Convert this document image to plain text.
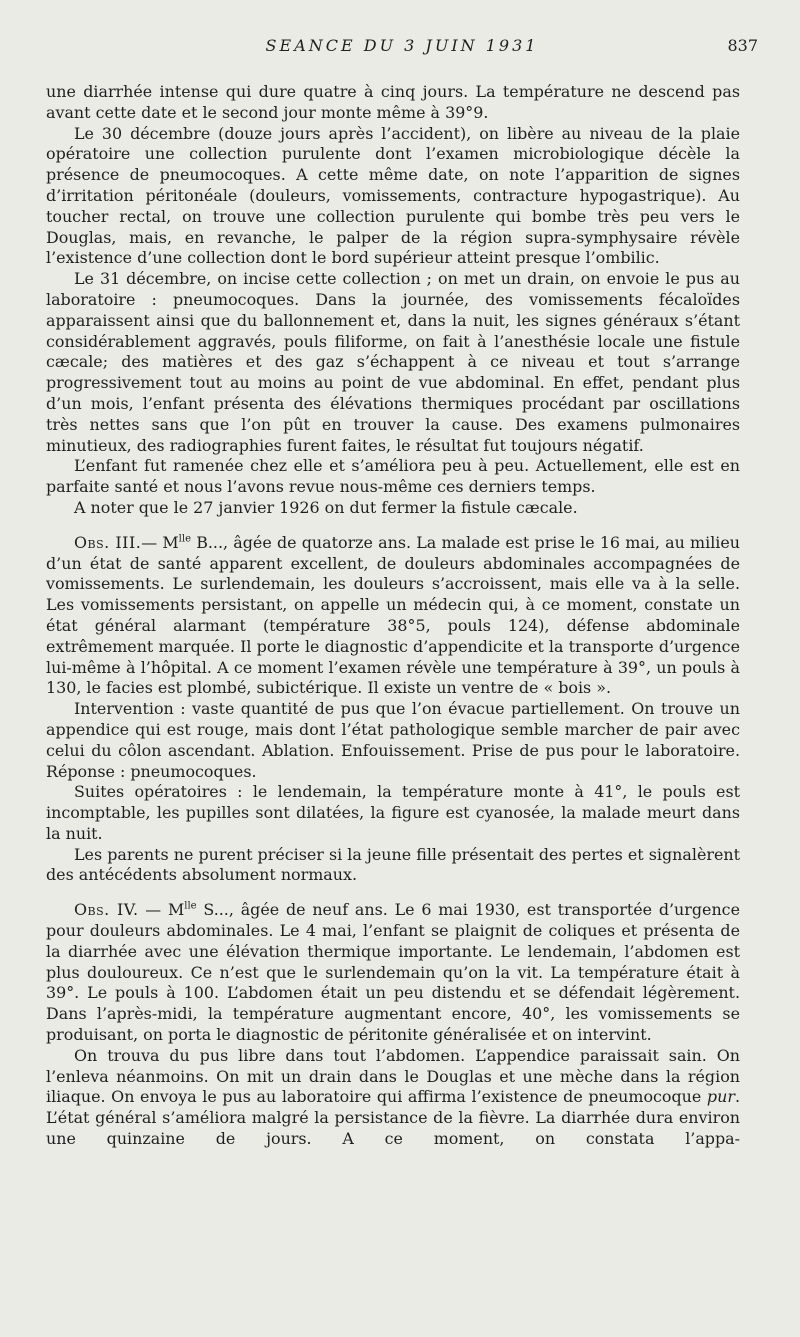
SEANCE DU 3 JUIN 1931	837

une diarrhée intense qui dure quatre à cinq jours. La température ne descend pas avant cette date et le second jour monte même à 39°9.

Le 30 décembre (douze jours après l’accident), on libère au niveau de la plaie opératoire une collection purulente dont l’examen microbiologique décèle la présence de pneumocoques. A cette même date, on note l’apparition de signes d’irritation péritonéale (douleurs, vomissements, contracture hypogastrique). Au toucher rectal, on trouve une collection purulente qui bombe très peu vers le Douglas, mais, en revanche, le palper de la région supra-symphysaire révèle l’existence d’une collection dont le bord supérieur atteint presque l’ombilic.

Le 31 décembre, on incise cette collection ; on met un drain, on envoie le pus au laboratoire : pneumocoques. Dans la journée, des vomissements fécaloïdes apparaissent ainsi que du ballonnement et, dans la nuit, les signes généraux s’étant considérablement aggravés, pouls filiforme, on fait à l’anesthésie locale une fistule cæcale; des matières et des gaz s’échappent à ce niveau et tout s’arrange progressivement tout au moins au point de vue abdominal. En effet, pendant plus d’un mois, l’enfant présenta des élévations thermiques procédant par oscillations très nettes sans que l’on pût en trouver la cause. Des examens pulmonaires minutieux, des radiographies furent faites, le résultat fut toujours négatif.

L’enfant fut ramenée chez elle et s’améliora peu à peu. Actuellement, elle est en parfaite santé et nous l’avons revue nous-même ces derniers temps.

A noter que le 27 janvier 1926 on dut fermer la fistule cæcale.

Obs. III.— $M^{lle}$ B..., âgée de quatorze ans. La malade est prise le 16 mai, au milieu d’un état de santé apparent excellent, de douleurs abdominales accompagnées de vomissements. Le surlendemain, les douleurs s’accroissent, mais elle va à la selle. Les vomissements persistant, on appelle un médecin qui, à ce moment, constate un état général alarmant (température 38°5, pouls 124), défense abdominale extrêmement marquée. Il porte le diagnostic d’appendicite et la transporte d’urgence lui-même à l’hôpital. A ce moment l’examen révèle une température à 39°, un pouls à 130, le facies est plombé, subictérique. Il existe un ventre de « bois ».

Intervention : vaste quantité de pus que l’on évacue partiellement. On trouve un appendice qui est rouge, mais dont l’état pathologique semble marcher de pair avec celui du côlon ascendant. Ablation. Enfouissement. Prise de pus pour le laboratoire. Réponse : pneumocoques.

Suites opératoires : le lendemain, la température monte à 41°, le pouls est incomptable, les pupilles sont dilatées, la figure est cyanosée, la malade meurt dans la nuit.

Les parents ne purent préciser si la jeune fille présentait des pertes et signalèrent des antécédents absolument normaux.

Obs. IV. — $M^{lle}$ S..., âgée de neuf ans. Le 6 mai 1930, est transportée d’urgence pour douleurs abdominales. Le 4 mai, l’enfant se plaignit de coliques et présenta de la diarrhée avec une élévation thermique importante. Le lendemain, l’abdomen est plus douloureux. Ce n’est que le surlendemain qu’on la vit. La température était à 39°. Le pouls à 100. L’abdomen était un peu distendu et se défendait légèrement. Dans l’après-midi, la température augmentant encore, 40°, les vomissements se produisant, on porta le diagnostic de péritonite généralisée et on intervint.

On trouva du pus libre dans tout l’abdomen. L’appendice paraissait sain. On l’enleva néanmoins. On mit un drain dans le Douglas et une mèche dans la région iliaque. On envoya le pus au laboratoire qui affirma l’existence de pneumocoque pur. L’état général s’améliora malgré la persistance de la fièvre. La diarrhée dura environ une quinzaine de jours. A ce moment, on constata l’appa-
